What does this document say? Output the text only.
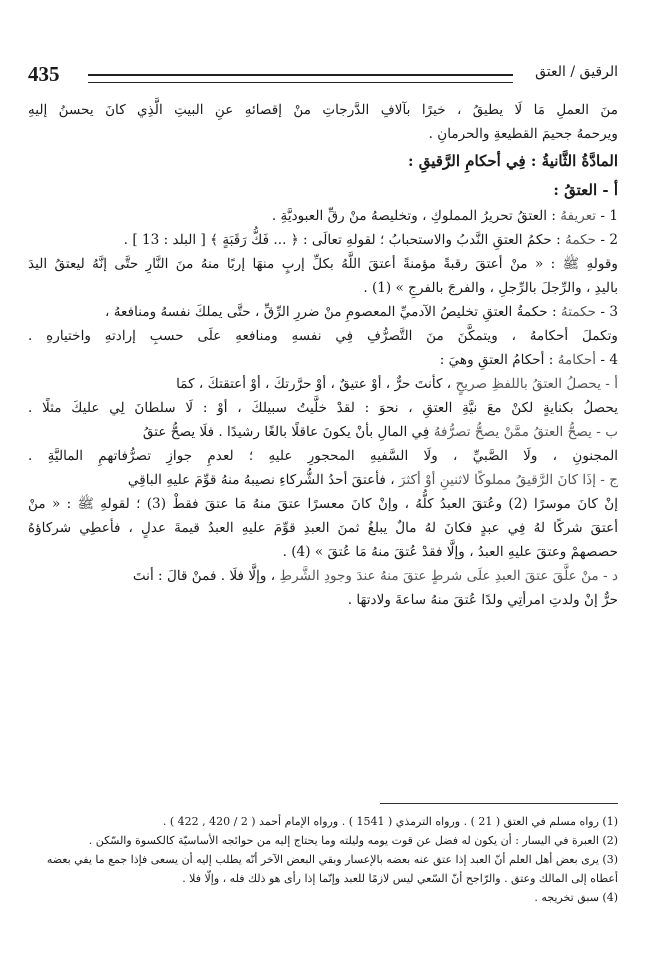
435	الرقيق / العتق
منَ العملِ مَا لَا يطيقُ ، خيرًا بآلافِ الدَّرجاتِ منْ إقصائهِ عنِ البيتِ الَّذِي كانَ يحسنُ إليهِ
ويرحمهُ جحيمَ القطيعةِ والحرمانِ .
المادَّةُ الثَّانيةُ : فِي أحكامِ الرَّقيقِ :
أ - العتقُ :
1 - تعريفهُ : العتقُ تحريرُ المملوكِ ، وتخليصهُ منْ رقِّ العبوديَّةِ .
2 - حكمهُ : حكمُ العتقِ النَّدبُ والاستحبابُ ؛ لقولهِ تعالَى : ﴿ ... فَكُّ رَقَبَةٍ ﴾ [ البلد : 13 ] .
وقولهِ ﷺ : « منْ أعتقَ رقبةً مؤمنةً أعتقَ اللَّهُ بكلِّ إربٍ منهَا إربًا منهُ منَ النَّارِ حتَّى إنَّهُ ليعتقُ اليدَ
باليدِ ، والرِّجلَ بالرِّجلِ ، والفرجَ بالفرجِ » (1) .
3 - حكمتهُ : حكمةُ العتقِ تخليصُ الآدميِّ المعصومِ منْ ضررِ الرِّقِّ ، حتَّى يملكَ نفسهُ ومنافعهُ ،
وتكملَ أحكامهُ ، ويتمكَّنَ منَ التَّصرُّفِ فِي نفسهِ ومنافعهِ علَى حسبِ إرادتهِ واختيارهِ .
4 - أحكامهُ : أحكامُ العتقِ وهيَ :
أ - يحصلُ العتقُ باللفظِ صريحٍ ، كأنتَ حرٌّ ، أوْ عتيقٌ ، أوْ حرَّرتكَ ، أوْ أعتقتكَ ، كمَا
يحصلُ بكنايةٍ لكنْ معَ نيَّةِ العتقِ ، نحوَ : لقدْ خلَّيتُ سبيلكَ ، أوْ : لَا سلطانَ لِي عليكَ مثلًا .
ب - يصحُّ العتقُ ممَّنْ يصحُّ تصرُّفهُ فِي المالِ بأنْ يكونَ عاقلًا بالغًا رشيدًا . فلَا يصحُّ عتقُ
المجنونِ ، ولَا الصَّبيِّ ، ولَا السَّفيهِ المحجورِ عليهِ ؛ لعدمِ جوازِ تصرُّفاتهمِ الماليَّةِ .
ج - إذَا كانَ الرَّقيقُ مملوكًا لاثنينِ أوْ أكثرَ ، فأعتقَ أحدُ الشُّركاءِ نصيبهُ منهُ قوِّمَ عليهِ الباقِي
إنْ كانَ موسرًا (2) وعُتقَ العبدُ كلُّهُ ، وإنْ كانَ معسرًا عتقَ منهُ مَا عتقَ فقطْ (3) ؛ لقولهِ ﷺ : « منْ
أعتقَ شركًا لهُ فِي عبدٍ فكانَ لهُ مالٌ يبلغُ ثمنَ العبدِ قوِّمَ عليهِ العبدُ قيمةَ عدلٍ ، فأعطِي شركاؤهُ
حصصهمْ وعتقَ عليهِ العبدُ ، وإلَّا فقدْ عُتقَ منهُ مَا عُتقَ » (4) .
د - منْ علَّقَ عتقَ العبدِ علَى شرطٍ عتقَ منهُ عندَ وجودِ الشَّرطِ ، وإلَّا فلَا . فمنْ قالَ : أنتَ
حرٌّ إنْ ولدتِ امرأتِي ولدًا عُتقَ منهُ ساعةَ ولادتهَا .
(1) رواه مسلم في العتق ( 21 ) . ورواه الترمذي ( 1541 ) . ورواه الإمام أحمد ( 2 / 420 , 422 ) .
(2) العبرة في اليسار : أن يكون له فضل عن قوت يومه وليلته وما يحتاج إليه من حوائجه الأساسيّة كالكسوة والسّكن .
(3) يرى بعض أهل العلم أنّ العبد إذا عتق عنه بعضه بالإعسار وبقي البعض الآخر أنّه يطلب إليه أن يسعى فإذا جمع ما يفي بعضه
أعطاه إلى المالك وعتق . والرّاجح أنّ السّعي ليس لازمًا للعبد وإنّما إذا رأى هو ذلك فله ، وإلّا فلا .
(4) سبق تخريجه .
